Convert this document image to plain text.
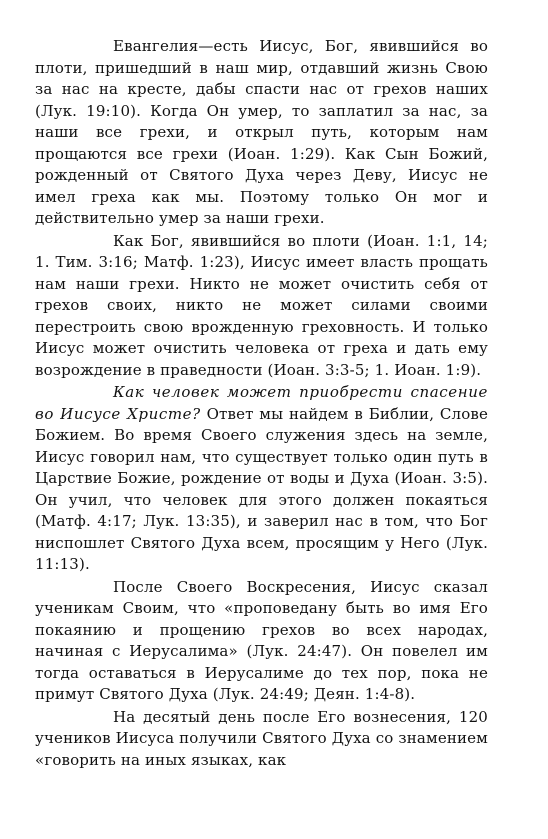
Евангелия—есть Иисус, Бог, явившийся во плоти, пришедший в наш мир, отдавший жизнь Свою за нас на кресте, дабы спасти нас от грехов наших (Лук. 19:10). Когда Он умер, то заплатил за нас, за наши все грехи, и открыл путь, которым нам прощаются все грехи (Иоан. 1:29). Как Сын Божий, рожденный от Святого Духа через Деву, Иисус не имел греха как мы. Поэтому только Он мог и действительно умер за наши грехи.

Как Бог, явившийся во плоти (Иоан. 1:1, 14; 1. Тим. 3:16; Матф. 1:23), Иисус имеет власть прощать нам наши грехи. Никто не может очистить себя от грехов своих, никто не может силами своими перестроить свою врожденную греховность. И только Иисус может очистить человека от греха и дать ему возрождение в праведности (Иоан. 3:3-5; 1. Иоан. 1:9).

Как человек может приобрести спасение во Иисусе Христе? Ответ мы найдем в Библии, Слове Божием. Во время Своего служения здесь на земле, Иисус говорил нам, что существует только один путь в Царствие Божие, рождение от воды и Духа (Иоан. 3:5). Он учил, что человек для этого должен покаяться (Матф. 4:17; Лук. 13:35), и заверил нас в том, что Бог ниспошлет Святого Духа всем, просящим у Него (Лук. 11:13).

После Своего Воскресения, Иисус сказал ученикам Своим, что «проповедану быть во имя Его покаянию и прощению грехов во всех народах, начиная с Иерусалима» (Лук. 24:47). Он повелел им тогда оставаться в Иерусалиме до тех пор, пока не примут Святого Духа (Лук. 24:49; Деян. 1:4-8).

На десятый день после Его вознесения, 120 учеников Иисуса получили Святого Духа со знамением «говорить на иных языках, как
